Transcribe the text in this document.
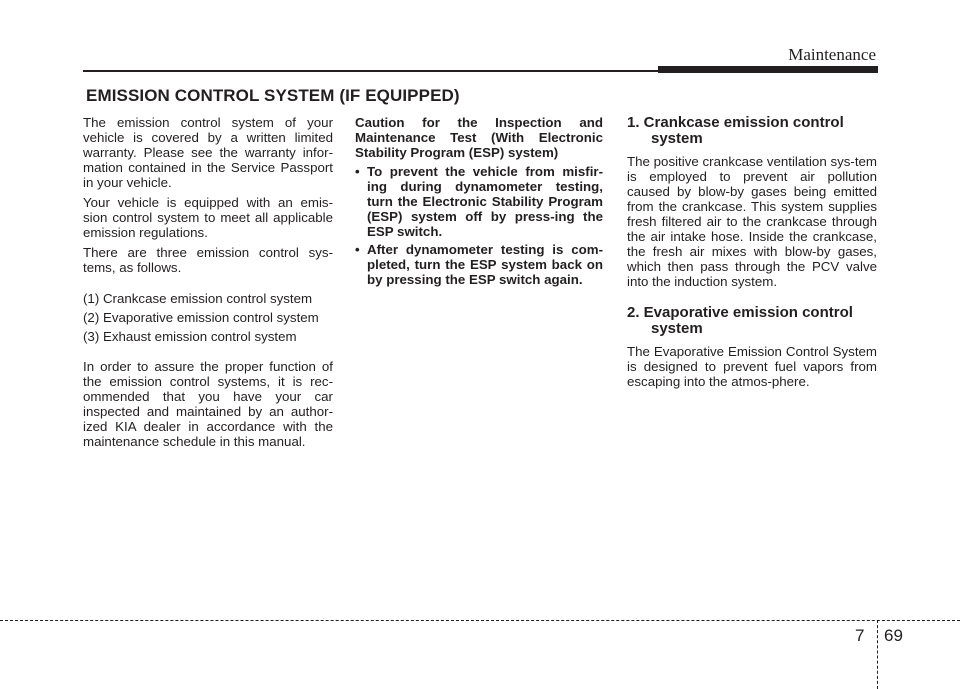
Maintenance
EMISSION CONTROL SYSTEM (IF EQUIPPED)

The emission control system of your vehicle is covered by a written limited warranty. Please see the warranty infor-mation contained in the Service Passport in your vehicle.

Your vehicle is equipped with an emis-sion control system to meet all applicable emission regulations.

There are three emission control sys-tems, as follows.

(1) Crankcase emission control system
(2) Evaporative emission control system
(3) Exhaust emission control system

In order to assure the proper function of the emission control systems, it is rec-ommended that you have your car inspected and maintained by an author-ized KIA dealer in accordance with the maintenance schedule in this manual.

Caution for the Inspection and Maintenance Test (With Electronic Stability Program (ESP) system)
• To prevent the vehicle from misfir-ing during dynamometer testing, turn the Electronic Stability Program (ESP) system off by press-ing the ESP switch.
• After dynamometer testing is com-pleted, turn the ESP system back on by pressing the ESP switch again.
1. Crankcase emission control system

The positive crankcase ventilation sys-tem is employed to prevent air pollution caused by blow-by gases being emitted from the crankcase. This system supplies fresh filtered air to the crankcase through the air intake hose. Inside the crankcase, the fresh air mixes with blow-by gases, which then pass through the PCV valve into the induction system.

2. Evaporative emission control system

The Evaporative Emission Control System is designed to prevent fuel vapors from escaping into the atmos-phere.

7 69
